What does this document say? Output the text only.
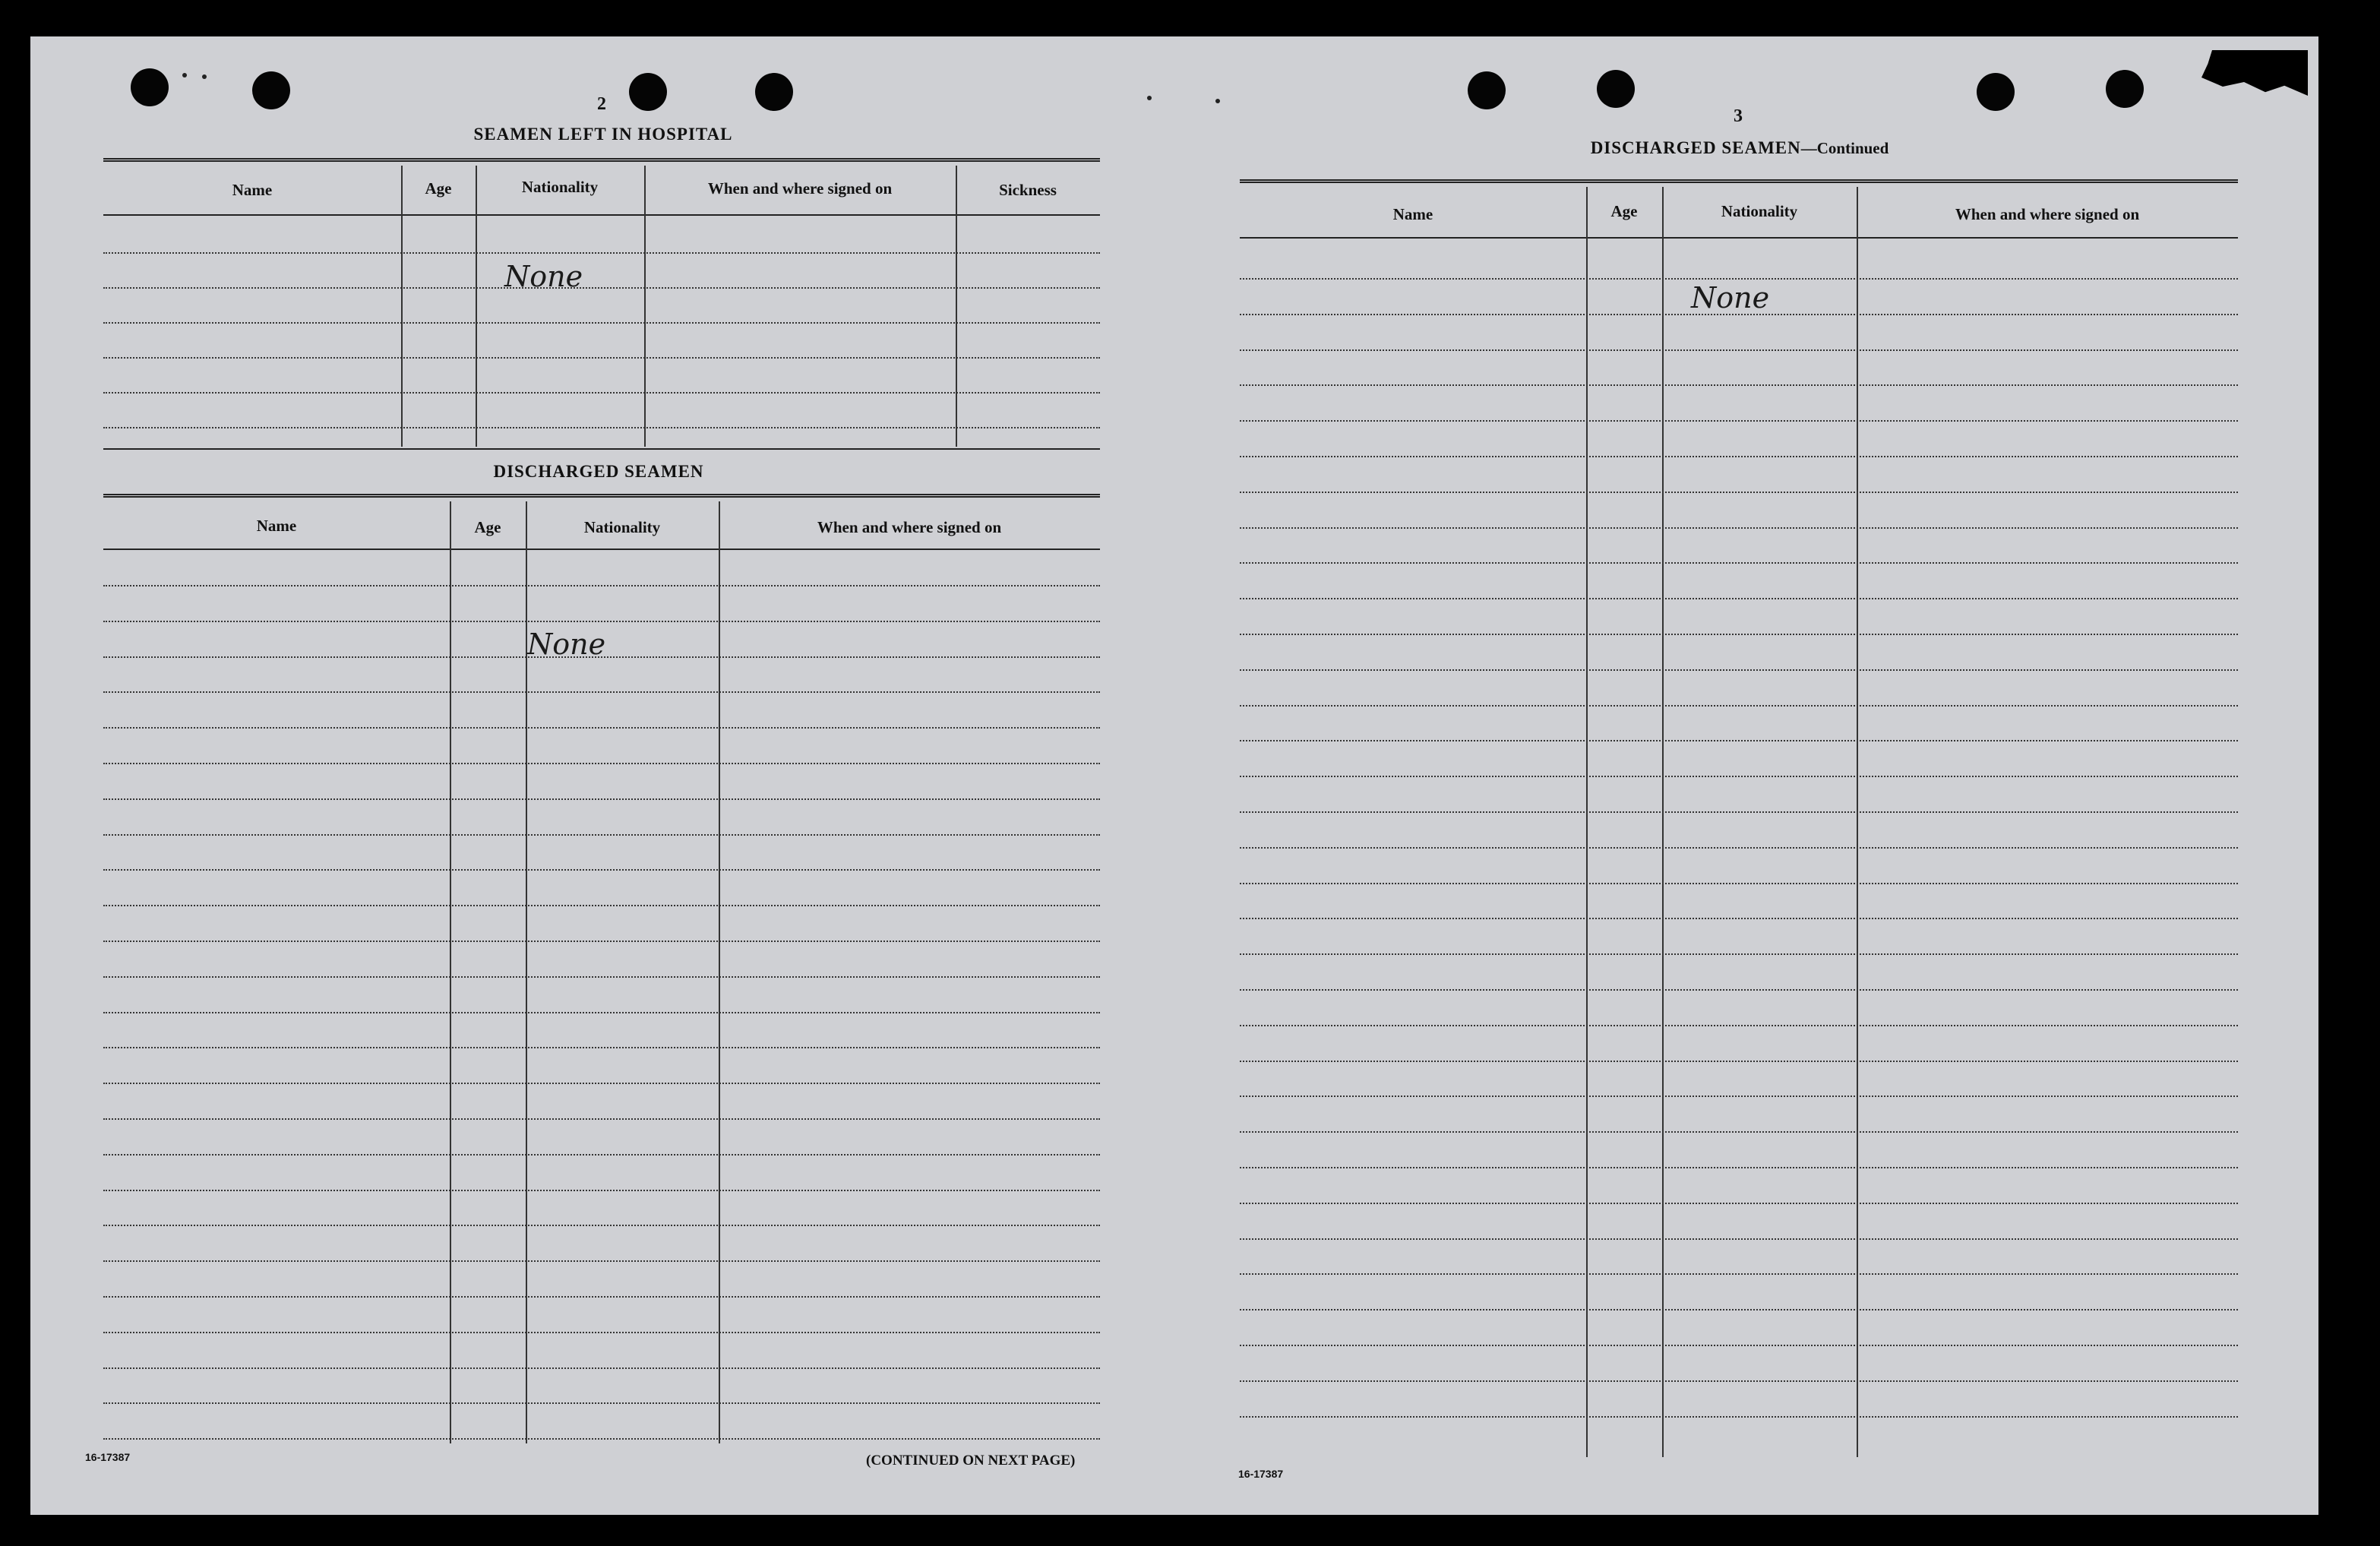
2
SEAMEN LEFT IN HOSPITAL
Name	Age	Nationality	When and where signed on	Sickness
None
DISCHARGED SEAMEN
Name	Age	Nationality	When and where signed on
None
16-17387	(CONTINUED ON NEXT PAGE)
3
DISCHARGED SEAMEN—Continued
Name	Age	Nationality	When and where signed on
None
16-17387
